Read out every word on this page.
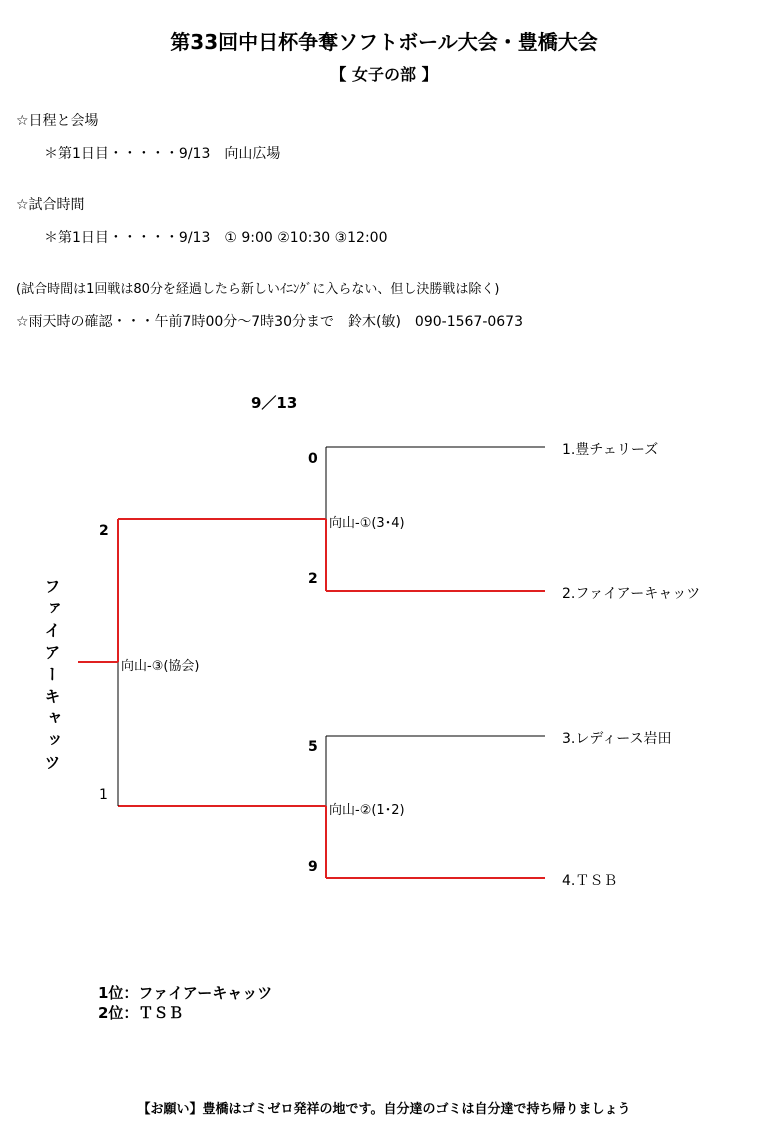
第33回中日杯争奪ソフトボール大会・豊橋大会
【 女子の部 】
☆日程と会場
＊第1日目・・・・・9/13　向山広場
☆試合時間
＊第1日目・・・・・9/13　① 9:00 ②10:30 ③12:00
(試合時間は1回戦は80分を経過したら新しいｲﾆﾝｸﾞに入らない、但し決勝戦は除く)
☆雨天時の確認・・・午前7時00分～7時30分まで　鈴木(敏)　090-1567-0673
9／13
0
2
5
9
2
1
向山-①(3･4)
向山-②(1･2)
向山-③(協会)
1.豊チェリーズ
2.ファイアーキャッツ
3.レディース岩田
4.ＴＳＢ
ファイアーキャッツ
1位：ファイアーキャッツ
2位：ＴＳＢ
【お願い】豊橋はゴミゼロ発祥の地です。自分達のゴミは自分達で持ち帰りましょう
